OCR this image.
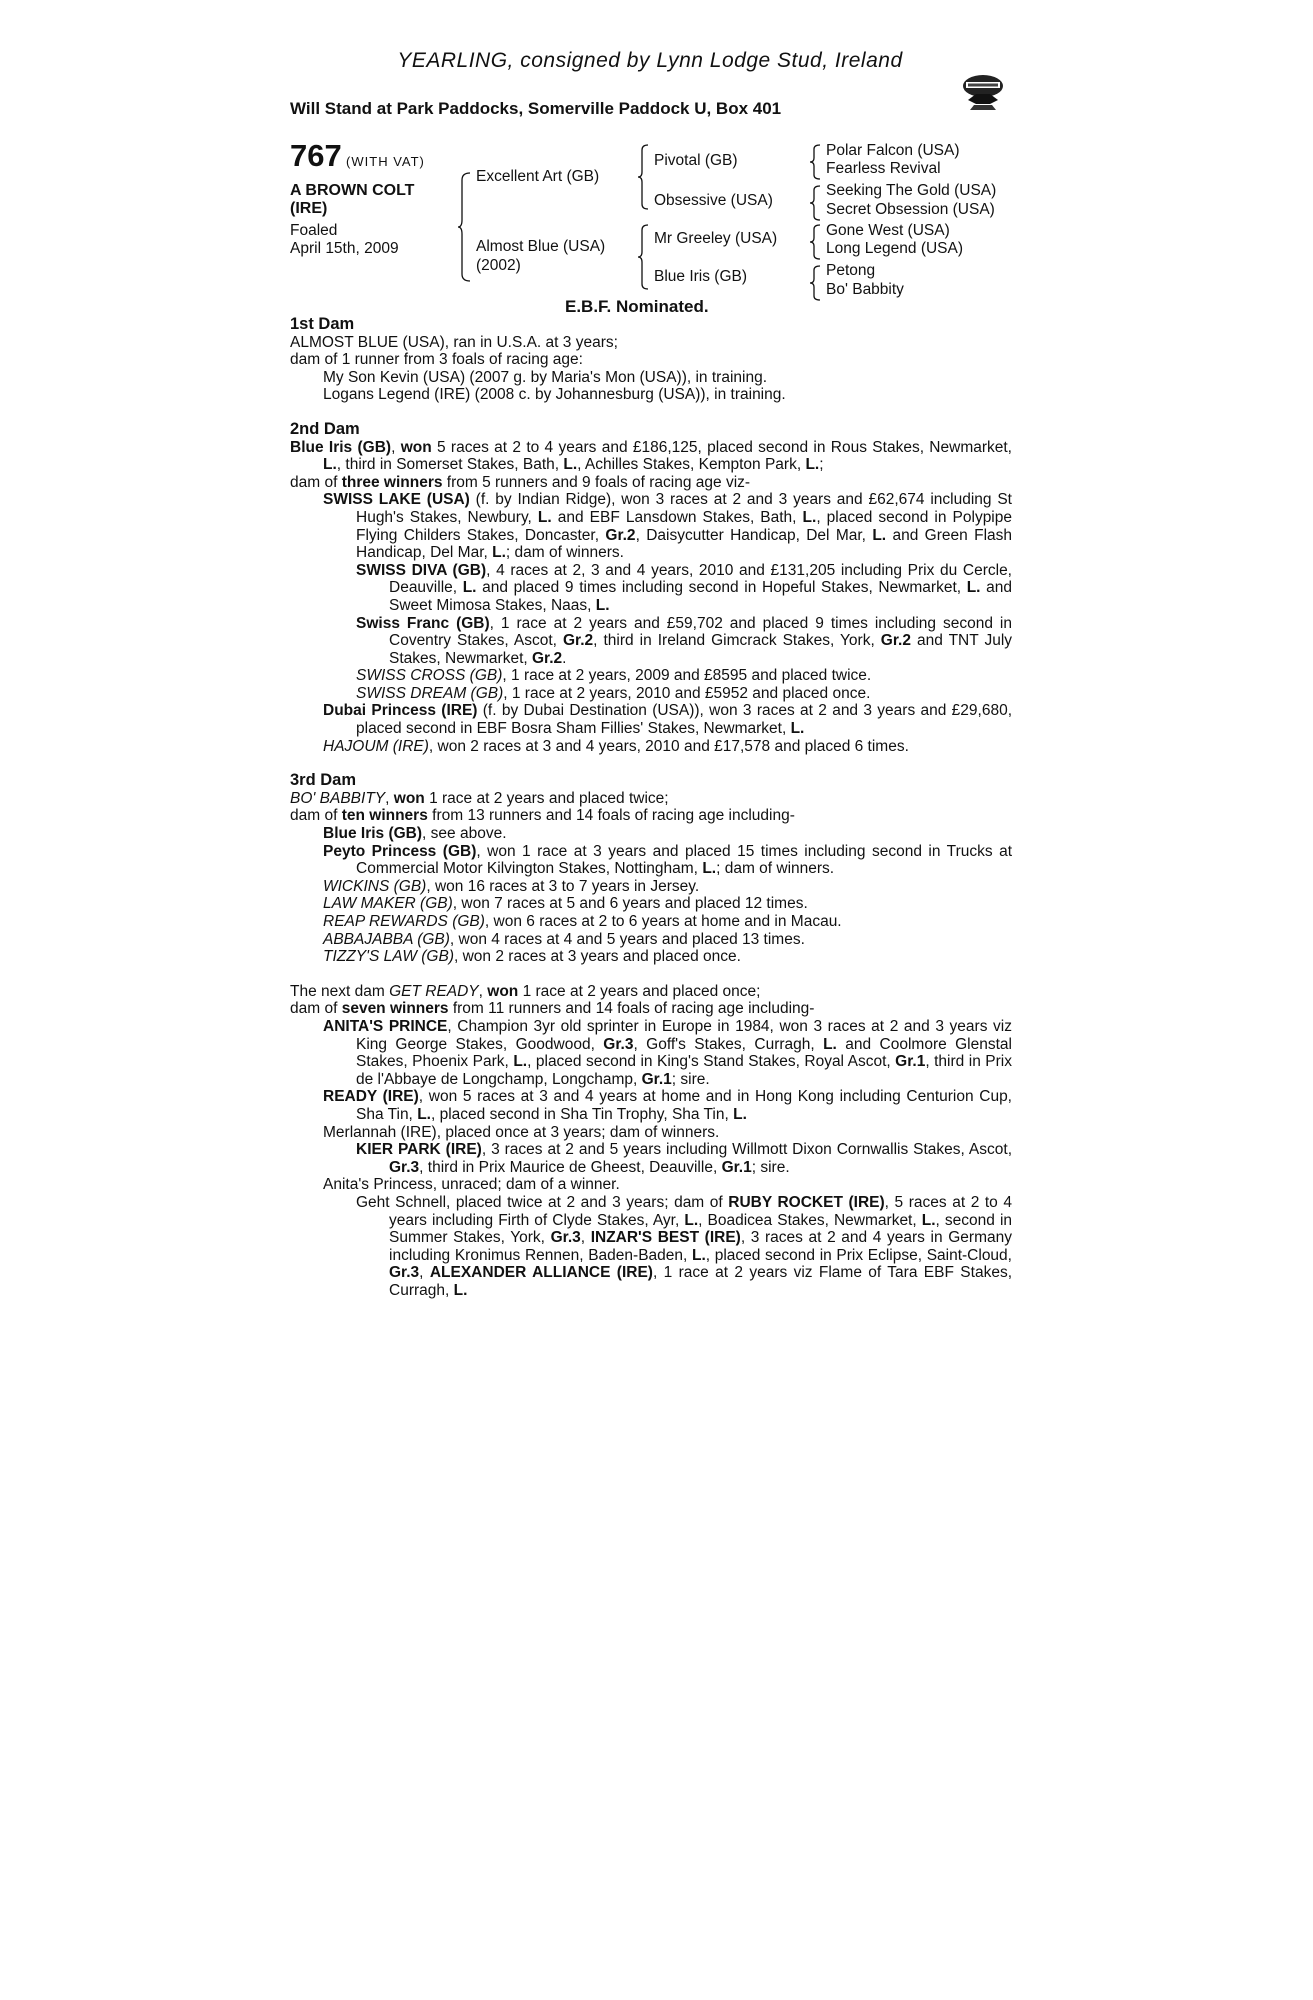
YEARLING, consigned by Lynn Lodge Stud, Ireland
Will Stand at Park Paddocks, Somerville Paddock U, Box 401
767 (WITH VAT)
A BROWN COLT
(IRE)
Foaled
April 15th, 2009
Excellent Art (GB)
Almost Blue (USA)
(2002)
Pivotal (GB)
Obsessive (USA)
Mr Greeley (USA)
Blue Iris (GB)
Polar Falcon (USA)
Fearless Revival
Seeking The Gold (USA)
Secret Obsession (USA)
Gone West (USA)
Long Legend (USA)
Petong
Bo' Babbity
E.B.F. Nominated.
1st Dam
ALMOST BLUE (USA), ran in U.S.A. at 3 years;
dam of 1 runner from 3 foals of racing age:
My Son Kevin (USA) (2007 g. by Maria's Mon (USA)), in training.
Logans Legend (IRE) (2008 c. by Johannesburg (USA)), in training.
2nd Dam
Blue Iris (GB), won 5 races at 2 to 4 years and £186,125, placed second in Rous Stakes, Newmarket, L., third in Somerset Stakes, Bath, L., Achilles Stakes, Kempton Park, L.;
dam of three winners from 5 runners and 9 foals of racing age viz-
SWISS LAKE (USA) (f. by Indian Ridge), won 3 races at 2 and 3 years and £62,674 including St Hugh's Stakes, Newbury, L. and EBF Lansdown Stakes, Bath, L., placed second in Polypipe Flying Childers Stakes, Doncaster, Gr.2, Daisycutter Handicap, Del Mar, L. and Green Flash Handicap, Del Mar, L.; dam of winners.
SWISS DIVA (GB), 4 races at 2, 3 and 4 years, 2010 and £131,205 including Prix du Cercle, Deauville, L. and placed 9 times including second in Hopeful Stakes, Newmarket, L. and Sweet Mimosa Stakes, Naas, L.
Swiss Franc (GB), 1 race at 2 years and £59,702 and placed 9 times including second in Coventry Stakes, Ascot, Gr.2, third in Ireland Gimcrack Stakes, York, Gr.2 and TNT July Stakes, Newmarket, Gr.2.
SWISS CROSS (GB), 1 race at 2 years, 2009 and £8595 and placed twice.
SWISS DREAM (GB), 1 race at 2 years, 2010 and £5952 and placed once.
Dubai Princess (IRE) (f. by Dubai Destination (USA)), won 3 races at 2 and 3 years and £29,680, placed second in EBF Bosra Sham Fillies' Stakes, Newmarket, L.
HAJOUM (IRE), won 2 races at 3 and 4 years, 2010 and £17,578 and placed 6 times.
3rd Dam
BO' BABBITY, won 1 race at 2 years and placed twice;
dam of ten winners from 13 runners and 14 foals of racing age including-
Blue Iris (GB), see above.
Peyto Princess (GB), won 1 race at 3 years and placed 15 times including second in Trucks at Commercial Motor Kilvington Stakes, Nottingham, L.; dam of winners.
WICKINS (GB), won 16 races at 3 to 7 years in Jersey.
LAW MAKER (GB), won 7 races at 5 and 6 years and placed 12 times.
REAP REWARDS (GB), won 6 races at 2 to 6 years at home and in Macau.
ABBAJABBA (GB), won 4 races at 4 and 5 years and placed 13 times.
TIZZY'S LAW (GB), won 2 races at 3 years and placed once.
The next dam GET READY, won 1 race at 2 years and placed once;
dam of seven winners from 11 runners and 14 foals of racing age including-
ANITA'S PRINCE, Champion 3yr old sprinter in Europe in 1984, won 3 races at 2 and 3 years viz King George Stakes, Goodwood, Gr.3, Goff's Stakes, Curragh, L. and Coolmore Glenstal Stakes, Phoenix Park, L., placed second in King's Stand Stakes, Royal Ascot, Gr.1, third in Prix de l'Abbaye de Longchamp, Longchamp, Gr.1; sire.
READY (IRE), won 5 races at 3 and 4 years at home and in Hong Kong including Centurion Cup, Sha Tin, L., placed second in Sha Tin Trophy, Sha Tin, L.
Merlannah (IRE), placed once at 3 years; dam of winners.
KIER PARK (IRE), 3 races at 2 and 5 years including Willmott Dixon Cornwallis Stakes, Ascot, Gr.3, third in Prix Maurice de Gheest, Deauville, Gr.1; sire.
Anita's Princess, unraced; dam of a winner.
Geht Schnell, placed twice at 2 and 3 years; dam of RUBY ROCKET (IRE), 5 races at 2 to 4 years including Firth of Clyde Stakes, Ayr, L., Boadicea Stakes, Newmarket, L., second in Summer Stakes, York, Gr.3, INZAR'S BEST (IRE), 3 races at 2 and 4 years in Germany including Kronimus Rennen, Baden-Baden, L., placed second in Prix Eclipse, Saint-Cloud, Gr.3, ALEXANDER ALLIANCE (IRE), 1 race at 2 years viz Flame of Tara EBF Stakes, Curragh, L.
